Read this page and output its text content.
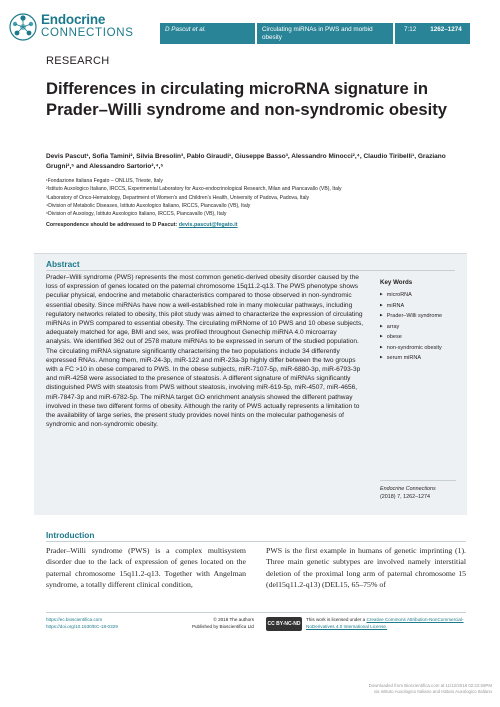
Endocrine
CONNECTIONS	D Pascut et al.	Circulating miRNAs in PWS and morbid obesity
7:12 1262–1274
RESEARCH
Differences in circulating microRNA signature in Prader–Willi syndrome and non-syndromic obesity
Devis Pascut¹, Sofia Tamini², Silvia Bresolin³, Pablo Giraudi¹, Giuseppe Basso³, Alessandro Minocci²,⁴, Claudio Tiribelli¹, Graziano Grugni²,⁵ and Alessandro Sartorio²,⁴,⁵
¹Fondazione Italiana Fegato – ONLUS, Trieste, Italy
²Istituto Auxologico Italiano, IRCCS, Experimental Laboratory for Auxo-endocrinological Research, Milan and Piancavallo (VB), Italy
³Laboratory of Onco-Hematology, Department of Women's and Children's Health, University of Padova, Padova, Italy
⁴Division of Metabolic Diseases, Istituto Auxologico Italiano, IRCCS, Piancavallo (VB), Italy
⁵Division of Auxology, Istituto Auxologico Italiano, IRCCS, Piancavallo (VB), Italy
Correspondence should be addressed to D Pascut: devis.pascut@fegato.it
Abstract

Prader–Willi syndrome (PWS) represents the most common genetic-derived obesity disorder caused by the loss of expression of genes located on the paternal chromosome 15q11.2-q13. The PWS phenotype shows peculiar physical, endocrine and metabolic characteristics compared to those observed in non-syndromic essential obesity. Since miRNAs have now a well-established role in many molecular pathways, including regulatory networks related to obesity, this pilot study was aimed to characterize the expression of circulating miRNAs in PWS compared to essential obesity. The circulating miRNome of 10 PWS and 10 obese subjects, adequately matched for age, BMI and sex, was profiled throughout Genechip miRNA 4.0 microarray analysis. We identified 362 out of 2578 mature miRNAs to be expressed in serum of the studied population. The circulating miRNA signature significantly characterising the two populations include 34 differently expressed RNAs. Among them, miR-24-3p, miR-122 and miR-23a-3p highly differ between the two groups with a FC >10 in obese compared to PWS. In the obese subjects, miR-7107-5p, miR-6880-3p, miR-6793-3p and miR-4258 were associated to the presence of steatosis. A different signature of miRNAs significantly distinguished PWS with steatosis from PWS without steatosis, involving miR-619-5p, miR-4507, miR-4656, miR-7847-3p and miR-6782-5p. The miRNA target GO enrichment analysis showed the different pathway involved in these two different forms of obesity. Although the rarity of PWS actually represents a limitation to the availability of large series, the present study provides novel hints on the molecular pathogenesis of syndromic and non-syndromic obesity.

Key Words
▶ microRNA
▶ miRNA
▶ Prader–Willi syndrome
▶ array
▶ obese
▶ non-syndromic obesity
▶ serum miRNA
Endocrine Connections
(2018) 7, 1262–1274
Introduction

Prader–Willi syndrome (PWS) is a complex multisystem disorder due to the lack of expression of genes located on the paternal chromosome 15q11.2-q13. Together with Angelman syndrome, a totally different clinical condition,

PWS is the first example in humans of genetic imprinting (1). Three main genetic subtypes are involved namely interstitial deletion of the proximal long arm of paternal chromosome 15 (del15q11.2-q13) (DEL15, 65–75% of

https://ec.bioscientifica.com
https://doi.org/10.1530/EC-18-0329
© 2018 The authors
Published by Bioscientifica Ltd	CC BY-NC-ND
This work is licensed under a Creative Commons Attribution-NonCommercial-NoDerivatives 4.0 International License.
Downloaded from Bioscientifica.com at 11/12/2018 02:22:59PM
via Istituto Auxologico Italiano and Istituto Auxologico Italiano
